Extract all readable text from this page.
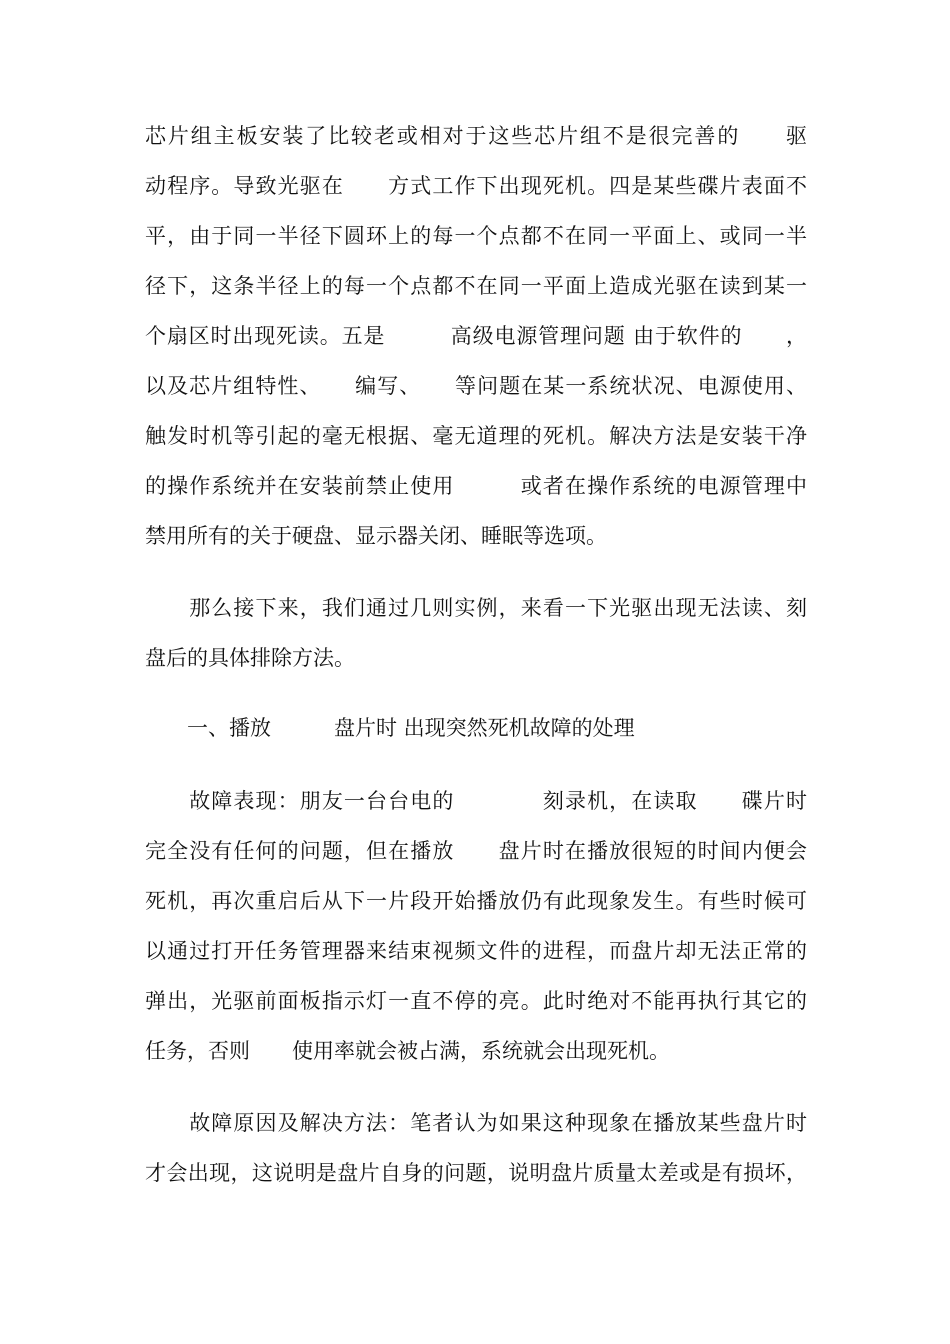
芯片组主板安装了比较老或相对于这些芯片组不是很完善的　　驱

动程序。导致光驱在　　方式工作下出现死机。四是某些碟片表面不

平，由于同一半径下圆环上的每一个点都不在同一平面上、或同一半

径下，这条半径上的每一个点都不在同一平面上造成光驱在读到某一

个扇区时出现死读。五是　　　高级电源管理问题 由于软件的　　，

以及芯片组特性、　　编写、　　等问题在某一系统状况、电源使用、

触发时机等引起的毫无根据、毫无道理的死机。解决方法是安装干净

的操作系统并在安装前禁止使用　　　或者在操作系统的电源管理中

禁用所有的关于硬盘、显示器关闭、睡眠等选项。

　　那么接下来，我们通过几则实例，来看一下光驱出现无法读、刻

盘后的具体排除方法。

　　一、播放　　　盘片时 出现突然死机故障的处理

　　故障表现：朋友一台台电的　　　　刻录机，在读取　　碟片时

完全没有任何的问题，但在播放　　盘片时在播放很短的时间内便会

死机，再次重启后从下一片段开始播放仍有此现象发生。有些时候可

以通过打开任务管理器来结束视频文件的进程，而盘片却无法正常的

弹出，光驱前面板指示灯一直不停的亮。此时绝对不能再执行其它的

任务，否则　　使用率就会被占满，系统就会出现死机。

　　故障原因及解决方法：笔者认为如果这种现象在播放某些盘片时

才会出现，这说明是盘片自身的问题，说明盘片质量太差或是有损坏，
